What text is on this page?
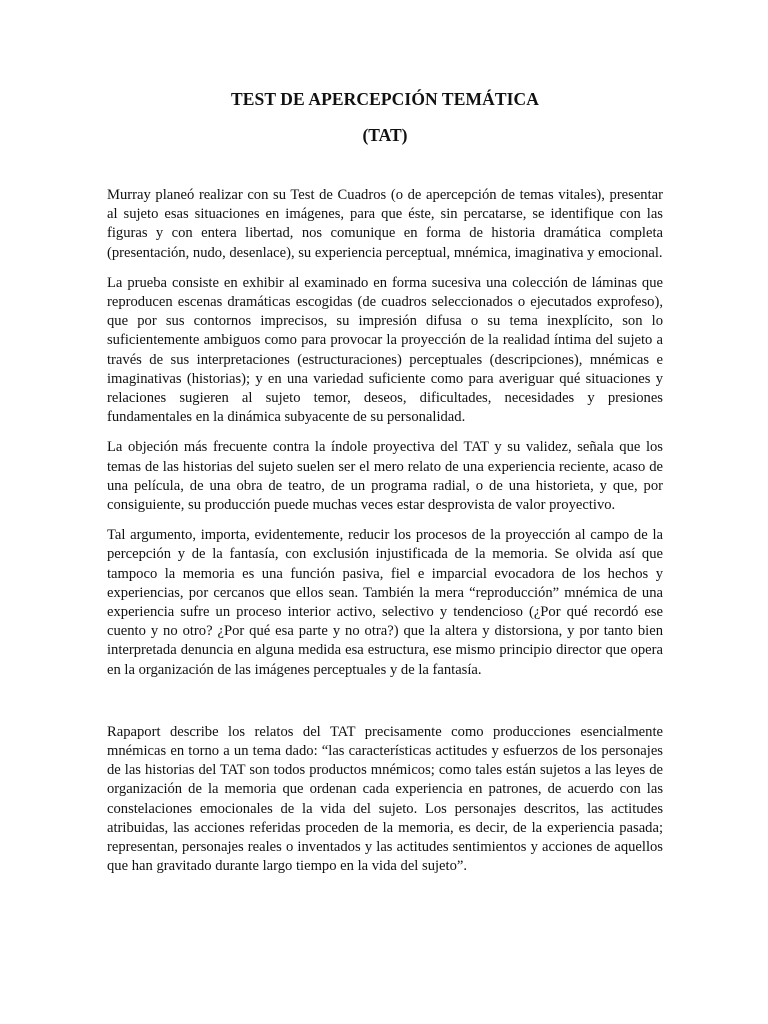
TEST DE APERCEPCIÓN TEMÁTICA
(TAT)

Murray planeó realizar con su Test de Cuadros (o de apercepción de temas vitales), presentar al sujeto esas situaciones en imágenes, para que éste, sin percatarse, se identifique con las figuras y con entera libertad, nos comunique en forma de historia dramática completa (presentación, nudo, desenlace), su experiencia perceptual, mnémica, imaginativa y emocional.

La prueba consiste en exhibir al examinado en forma sucesiva una colección de láminas que reproducen escenas dramáticas escogidas (de cuadros seleccionados o ejecutados exprofeso), que por sus contornos imprecisos, su impresión difusa o su tema inexplícito, son lo suficientemente ambiguos como para provocar la proyección de la realidad íntima del sujeto a través de sus interpretaciones (estructuraciones) perceptuales (descripciones), mnémicas e imaginativas (historias); y en una variedad suficiente como para averiguar qué situaciones y relaciones sugieren al sujeto temor, deseos, dificultades, necesidades y presiones fundamentales en la dinámica subyacente de su personalidad.

La objeción más frecuente contra la índole proyectiva del TAT y su validez, señala que los temas de las historias del sujeto suelen ser el mero relato de una experiencia reciente, acaso de una película, de una obra de teatro, de un programa radial, o de una historieta, y que, por consiguiente, su producción puede muchas veces estar desprovista de valor proyectivo.

Tal argumento, importa, evidentemente, reducir los procesos de la proyección al campo de la percepción y de la fantasía, con exclusión injustificada de la memoria. Se olvida así que tampoco la memoria es una función pasiva, fiel e imparcial evocadora de los hechos y experiencias, por cercanos que ellos sean. También la mera “reproducción” mnémica de una experiencia sufre un proceso interior activo, selectivo y tendencioso (¿Por qué recordó ese cuento y no otro? ¿Por qué esa parte y no otra?) que la altera y distorsiona, y por tanto bien interpretada denuncia en alguna medida esa estructura, ese mismo principio director que opera en la organización de las imágenes perceptuales y de la fantasía.

Rapaport describe los relatos del TAT precisamente como producciones esencialmente mnémicas en torno a un tema dado: “las características actitudes y esfuerzos de los personajes de las historias del TAT son todos productos mnémicos; como tales están sujetos a las leyes de organización de la memoria que ordenan cada experiencia en patrones, de acuerdo con las constelaciones emocionales de la vida del sujeto. Los personajes descritos, las actitudes atribuidas, las acciones referidas proceden de la memoria, es decir, de la experiencia pasada; representan, personajes reales o inventados y las actitudes sentimientos y acciones de aquellos que han gravitado durante largo tiempo en la vida del sujeto”.
